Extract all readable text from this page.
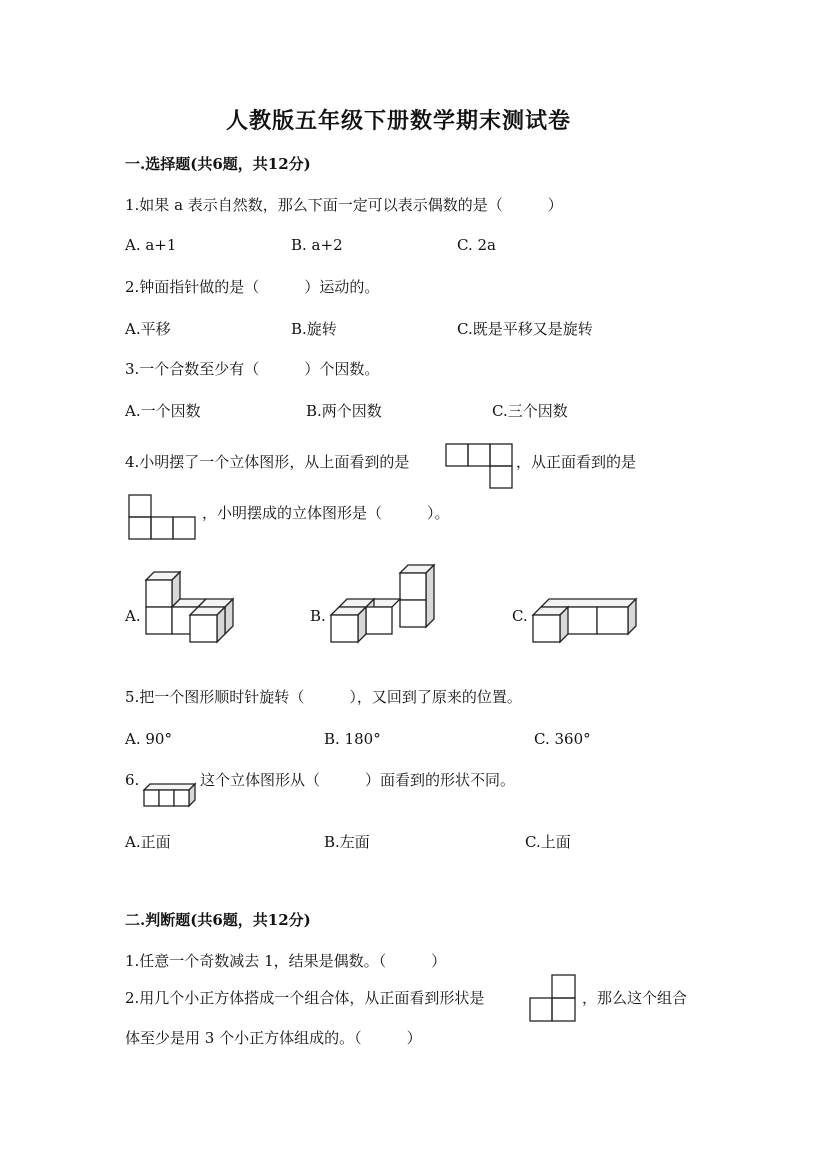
人教版五年级下册数学期末测试卷
一.选择题(共6题，共12分)
1.如果 a 表示自然数，那么下面一定可以表示偶数的是（　　　）
A. a+1	B. a+2	C. 2a
2.钟面指针做的是（　　　）运动的。
A.平移	B.旋转	C.既是平移又是旋转
3.一个合数至少有（　　　）个因数。
A.一个因数	B.两个因数	C.三个因数
4.小明摆了一个立体图形，从上面看到的是	，从正面看到的是
，小明摆成的立体图形是（　　　）。
A.	B.	C.
5.把一个图形顺时针旋转（　　　），又回到了原来的位置。
A. 90°	B. 180°	C. 360°
6.	这个立体图形从（　　　）面看到的形状不同。
A.正面	B.左面	C.上面
二.判断题(共6题，共12分)
1.任意一个奇数减去 1，结果是偶数。（　　　）
2.用几个小正方体搭成一个组合体，从正面看到形状是	，那么这个组合
体至少是用 3 个小正方体组成的。（　　　）
